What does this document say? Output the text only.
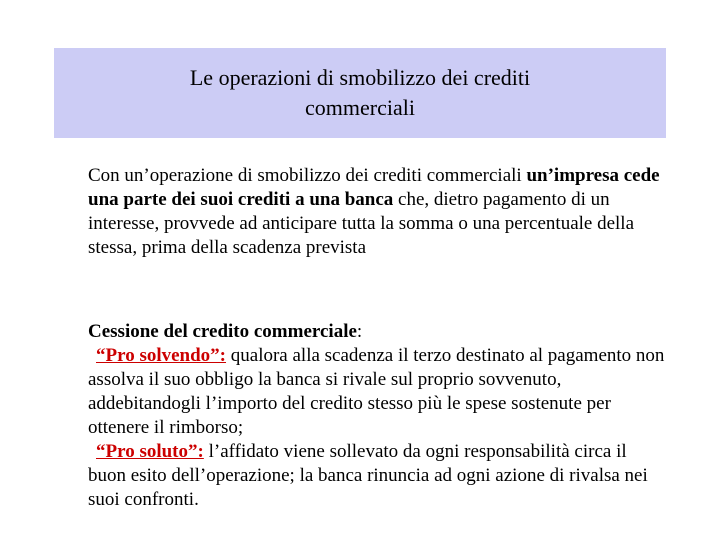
Le operazioni di smobilizzo dei crediti
commerciali

Con un’operazione di smobilizzo dei crediti commerciali un’impresa cede una parte dei suoi crediti a una banca che, dietro pagamento di un interesse, provvede ad anticipare tutta la somma o una percentuale della stessa, prima della scadenza prevista

Cessione del credito commerciale:
“Pro solvendo”: qualora alla scadenza il terzo destinato al pagamento non assolva il suo obbligo la banca si rivale sul proprio sovvenuto, addebitandogli l’importo del credito stesso più le spese sostenute per ottenere il rimborso;
“Pro soluto”: l’affidato viene sollevato da ogni responsabilità circa il buon esito dell’operazione; la banca rinuncia ad ogni azione di rivalsa nei suoi confronti.
